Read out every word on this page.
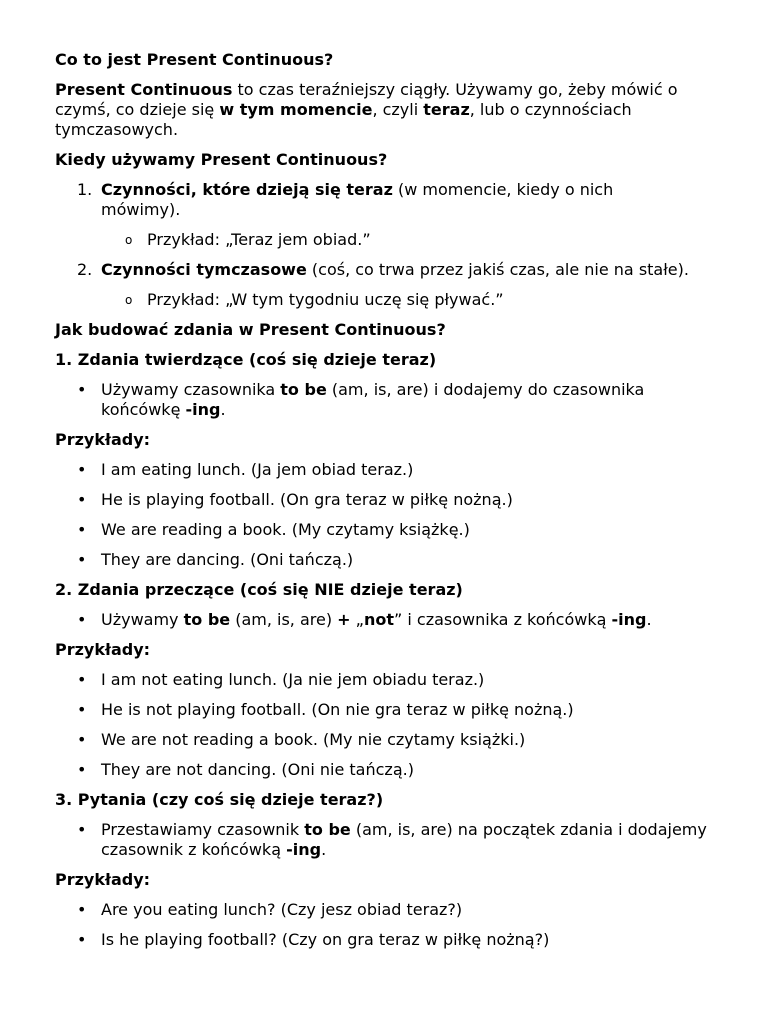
Co to jest Present Continuous?

Present Continuous to czas teraźniejszy ciągły. Używamy go, żeby mówić o czymś, co dzieje się w tym momencie, czyli teraz, lub o czynnościach tymczasowych.

Kiedy używamy Present Continuous?

1. Czynności, które dzieją się teraz (w momencie, kiedy o nich mówimy).
o Przykład: „Teraz jem obiad.”
2. Czynności tymczasowe (coś, co trwa przez jakiś czas, ale nie na stałe).
o Przykład: „W tym tygodniu uczę się pływać.”

Jak budować zdania w Present Continuous?

1. Zdania twierdzące (coś się dzieje teraz)

• Używamy czasownika to be (am, is, are) i dodajemy do czasownika końcówkę -ing.

Przykłady:

• I am eating lunch. (Ja jem obiad teraz.)
• He is playing football. (On gra teraz w piłkę nożną.)
• We are reading a book. (My czytamy książkę.)
• They are dancing. (Oni tańczą.)

2. Zdania przeczące (coś się NIE dzieje teraz)

• Używamy to be (am, is, are) + „not” i czasownika z końcówką -ing.

Przykłady:

• I am not eating lunch. (Ja nie jem obiadu teraz.)
• He is not playing football. (On nie gra teraz w piłkę nożną.)
• We are not reading a book. (My nie czytamy książki.)
• They are not dancing. (Oni nie tańczą.)

3. Pytania (czy coś się dzieje teraz?)

• Przestawiamy czasownik to be (am, is, are) na początek zdania i dodajemy czasownik z końcówką -ing.

Przykłady:

• Are you eating lunch? (Czy jesz obiad teraz?)
• Is he playing football? (Czy on gra teraz w piłkę nożną?)
